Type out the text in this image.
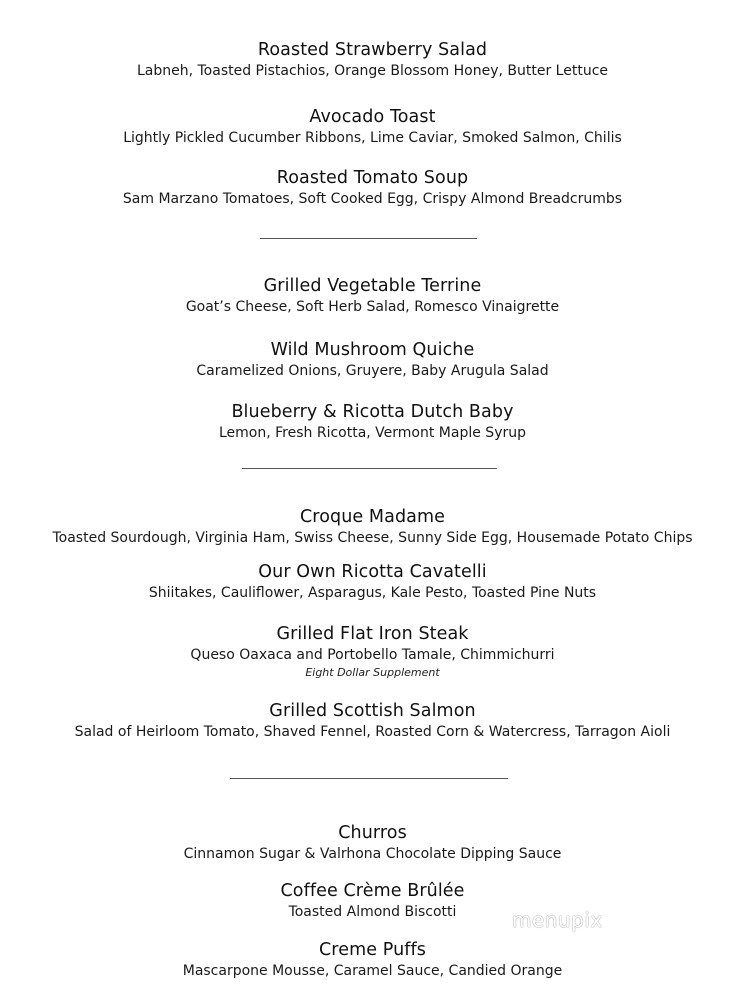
Roasted Strawberry Salad
Labneh, Toasted Pistachios, Orange Blossom Honey, Butter Lettuce
Avocado Toast
Lightly Pickled Cucumber Ribbons, Lime Caviar, Smoked Salmon, Chilis
Roasted Tomato Soup
Sam Marzano Tomatoes, Soft Cooked Egg, Crispy Almond Breadcrumbs
Grilled Vegetable Terrine
Goat’s Cheese, Soft Herb Salad, Romesco Vinaigrette
Wild Mushroom Quiche
Caramelized Onions, Gruyere, Baby Arugula Salad
Blueberry & Ricotta Dutch Baby
Lemon, Fresh Ricotta, Vermont Maple Syrup
Croque Madame
Toasted Sourdough, Virginia Ham, Swiss Cheese, Sunny Side Egg, Housemade Potato Chips
Our Own Ricotta Cavatelli
Shiitakes, Cauliflower, Asparagus, Kale Pesto, Toasted Pine Nuts
Grilled Flat Iron Steak
Queso Oaxaca and Portobello Tamale, Chimmichurri
Eight Dollar Supplement
Grilled Scottish Salmon
Salad of Heirloom Tomato, Shaved Fennel, Roasted Corn & Watercress, Tarragon Aioli
Churros
Cinnamon Sugar & Valrhona Chocolate Dipping Sauce
Coffee Crème Brûlée
Toasted Almond Biscotti
Creme Puffs
Mascarpone Mousse, Caramel Sauce, Candied Orange
menupix
